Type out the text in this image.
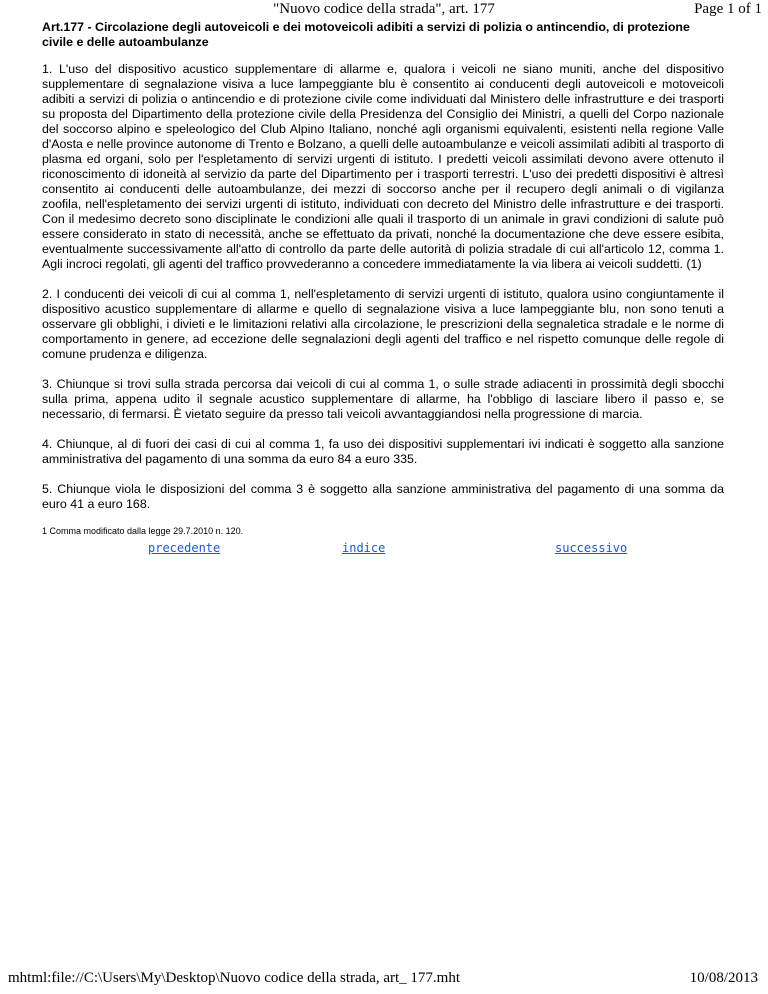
"Nuovo codice della strada", art. 177	Page 1 of 1
Art.177 - Circolazione degli autoveicoli e dei motoveicoli adibiti a servizi di polizia o antincendio, di protezione civile e delle autoambulanze

1. L'uso del dispositivo acustico supplementare di allarme e, qualora i veicoli ne siano muniti, anche del dispositivo supplementare di segnalazione visiva a luce lampeggiante blu è consentito ai conducenti degli autoveicoli e motoveicoli adibiti a servizi di polizia o antincendio e di protezione civile come individuati dal Ministero delle infrastrutture e dei trasporti su proposta del Dipartimento della protezione civile della Presidenza del Consiglio dei Ministri, a quelli del Corpo nazionale del soccorso alpino e speleologico del Club Alpino Italiano, nonché agli organismi equivalenti, esistenti nella regione Valle d'Aosta e nelle province autonome di Trento e Bolzano, a quelli delle autoambulanze e veicoli assimilati adibiti al trasporto di plasma ed organi, solo per l'espletamento di servizi urgenti di istituto. I predetti veicoli assimilati devono avere ottenuto il riconoscimento di idoneità al servizio da parte del Dipartimento per i trasporti terrestri. L'uso dei predetti dispositivi è altresì consentito ai conducenti delle autoambulanze, dei mezzi di soccorso anche per il recupero degli animali o di vigilanza zoofila, nell'espletamento dei servizi urgenti di istituto, individuati con decreto del Ministro delle infrastrutture e dei trasporti. Con il medesimo decreto sono disciplinate le condizioni alle quali il trasporto di un animale in gravi condizioni di salute può essere considerato in stato di necessità, anche se effettuato da privati, nonché la documentazione che deve essere esibita, eventualmente successivamente all'atto di controllo da parte delle autorità di polizia stradale di cui all'articolo 12, comma 1. Agli incroci regolati, gli agenti del traffico provvederanno a concedere immediatamente la via libera ai veicoli suddetti. (1)

2. I conducenti dei veicoli di cui al comma 1, nell'espletamento di servizi urgenti di istituto, qualora usino congiuntamente il dispositivo acustico supplementare di allarme e quello di segnalazione visiva a luce lampeggiante blu, non sono tenuti a osservare gli obblighi, i divieti e le limitazioni relativi alla circolazione, le prescrizioni della segnaletica stradale e le norme di comportamento in genere, ad eccezione delle segnalazioni degli agenti del traffico e nel rispetto comunque delle regole di comune prudenza e diligenza.

3. Chiunque si trovi sulla strada percorsa dai veicoli di cui al comma 1, o sulle strade adiacenti in prossimità degli sbocchi sulla prima, appena udito il segnale acustico supplementare di allarme, ha l'obbligo di lasciare libero il passo e, se necessario, di fermarsi. È vietato seguire da presso tali veicoli avvantaggiandosi nella progressione di marcia.

4. Chiunque, al di fuori dei casi di cui al comma 1, fa uso dei dispositivi supplementari ivi indicati è soggetto alla sanzione amministrativa del pagamento di una somma da euro 84 a euro 335.

5. Chiunque viola le disposizioni del comma 3 è soggetto alla sanzione amministrativa del pagamento di una somma da euro 41 a euro 168.

1 Comma modificato dalla legge 29.7.2010 n. 120.
precedente	indice	successivo
mhtml:file://C:\Users\My\Desktop\Nuovo codice della strada, art_ 177.mht	10/08/2013
